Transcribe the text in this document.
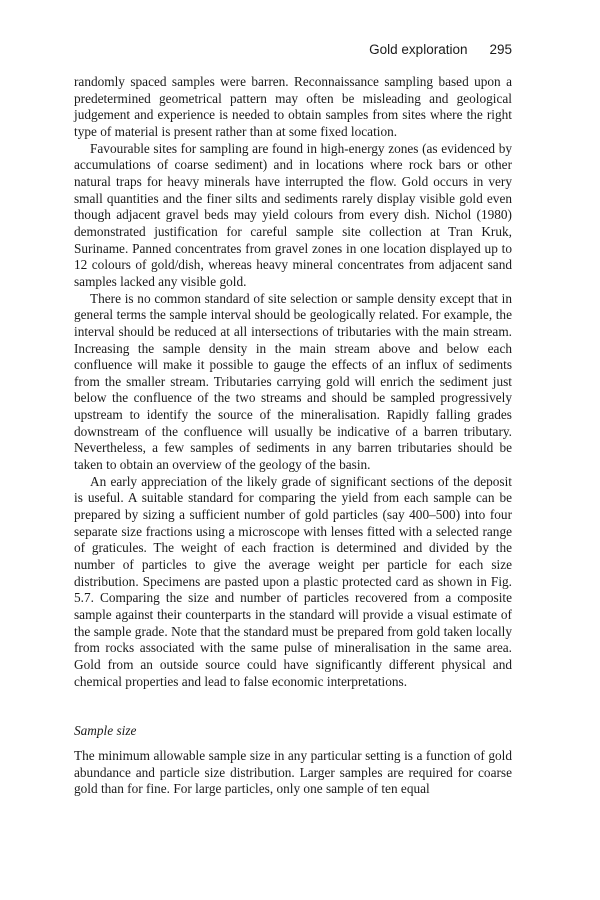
Gold exploration 295

randomly spaced samples were barren. Reconnaissance sampling based upon a predetermined geometrical pattern may often be misleading and geological judgement and experience is needed to obtain samples from sites where the right type of material is present rather than at some fixed location.

Favourable sites for sampling are found in high-energy zones (as evidenced by accumulations of coarse sediment) and in locations where rock bars or other natural traps for heavy minerals have interrupted the flow. Gold occurs in very small quantities and the finer silts and sediments rarely display visible gold even though adjacent gravel beds may yield colours from every dish. Nichol (1980) demonstrated justification for careful sample site collection at Tran Kruk, Suriname. Panned concentrates from gravel zones in one location displayed up to 12 colours of gold/dish, whereas heavy mineral concentrates from adjacent sand samples lacked any visible gold.

There is no common standard of site selection or sample density except that in general terms the sample interval should be geologically related. For example, the interval should be reduced at all intersections of tributaries with the main stream. Increasing the sample density in the main stream above and below each confluence will make it possible to gauge the effects of an influx of sediments from the smaller stream. Tributaries carrying gold will enrich the sediment just below the confluence of the two streams and should be sampled progressively upstream to identify the source of the mineralisation. Rapidly falling grades downstream of the confluence will usually be indicative of a barren tributary. Nevertheless, a few samples of sediments in any barren tributaries should be taken to obtain an overview of the geology of the basin.

An early appreciation of the likely grade of significant sections of the deposit is useful. A suitable standard for comparing the yield from each sample can be prepared by sizing a sufficient number of gold particles (say 400–500) into four separate size fractions using a microscope with lenses fitted with a selected range of graticules. The weight of each fraction is determined and divided by the number of particles to give the average weight per particle for each size distribution. Specimens are pasted upon a plastic protected card as shown in Fig. 5.7. Comparing the size and number of particles recovered from a composite sample against their counterparts in the standard will provide a visual estimate of the sample grade. Note that the standard must be prepared from gold taken locally from rocks associated with the same pulse of mineralisation in the same area. Gold from an outside source could have significantly different physical and chemical properties and lead to false economic interpretations.

Sample size

The minimum allowable sample size in any particular setting is a function of gold abundance and particle size distribution. Larger samples are required for coarse gold than for fine. For large particles, only one sample of ten equal
